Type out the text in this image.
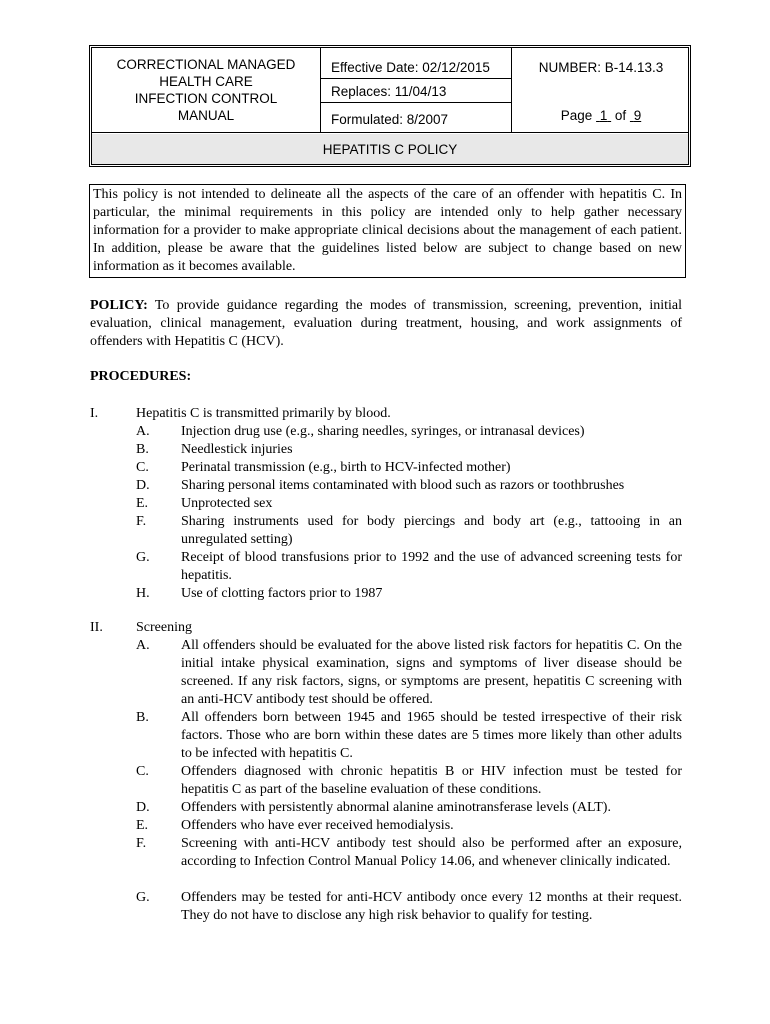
CORRECTIONAL MANAGED
HEALTH CARE
INFECTION CONTROL
MANUAL
Effective Date: 02/12/2015
Replaces: 11/04/13
Formulated: 8/2007
NUMBER: B-14.13.3
Page 1 of 9
HEPATITIS C POLICY
This policy is not intended to delineate all the aspects of the care of an offender with hepatitis C. In particular, the minimal requirements in this policy are intended only to help gather necessary information for a provider to make appropriate clinical decisions about the management of each patient. In addition, please be aware that the guidelines listed below are subject to change based on new information as it becomes available.
POLICY: To provide guidance regarding the modes of transmission, screening, prevention, initial evaluation, clinical management, evaluation during treatment, housing, and work assignments of offenders with Hepatitis C (HCV).
PROCEDURES:
I.	Hepatitis C is transmitted primarily by blood.
A. Injection drug use (e.g., sharing needles, syringes, or intranasal devices)
B. Needlestick injuries
C. Perinatal transmission (e.g., birth to HCV-infected mother)
D. Sharing personal items contaminated with blood such as razors or toothbrushes
E. Unprotected sex
F. Sharing instruments used for body piercings and body art (e.g., tattooing in an unregulated setting)
G. Receipt of blood transfusions prior to 1992 and the use of advanced screening tests for hepatitis.
H. Use of clotting factors prior to 1987
II. Screening
A. All offenders should be evaluated for the above listed risk factors for hepatitis C. On the initial intake physical examination, signs and symptoms of liver disease should be screened. If any risk factors, signs, or symptoms are present, hepatitis C screening with an anti-HCV antibody test should be offered.
B. All offenders born between 1945 and 1965 should be tested irrespective of their risk factors. Those who are born within these dates are 5 times more likely than other adults to be infected with hepatitis C.
C. Offenders diagnosed with chronic hepatitis B or HIV infection must be tested for hepatitis C as part of the baseline evaluation of these conditions.
D. Offenders with persistently abnormal alanine aminotransferase levels (ALT).
E. Offenders who have ever received hemodialysis.
F. Screening with anti-HCV antibody test should also be performed after an exposure, according to Infection Control Manual Policy 14.06, and whenever clinically indicated.
G. Offenders may be tested for anti-HCV antibody once every 12 months at their request. They do not have to disclose any high risk behavior to qualify for testing.
